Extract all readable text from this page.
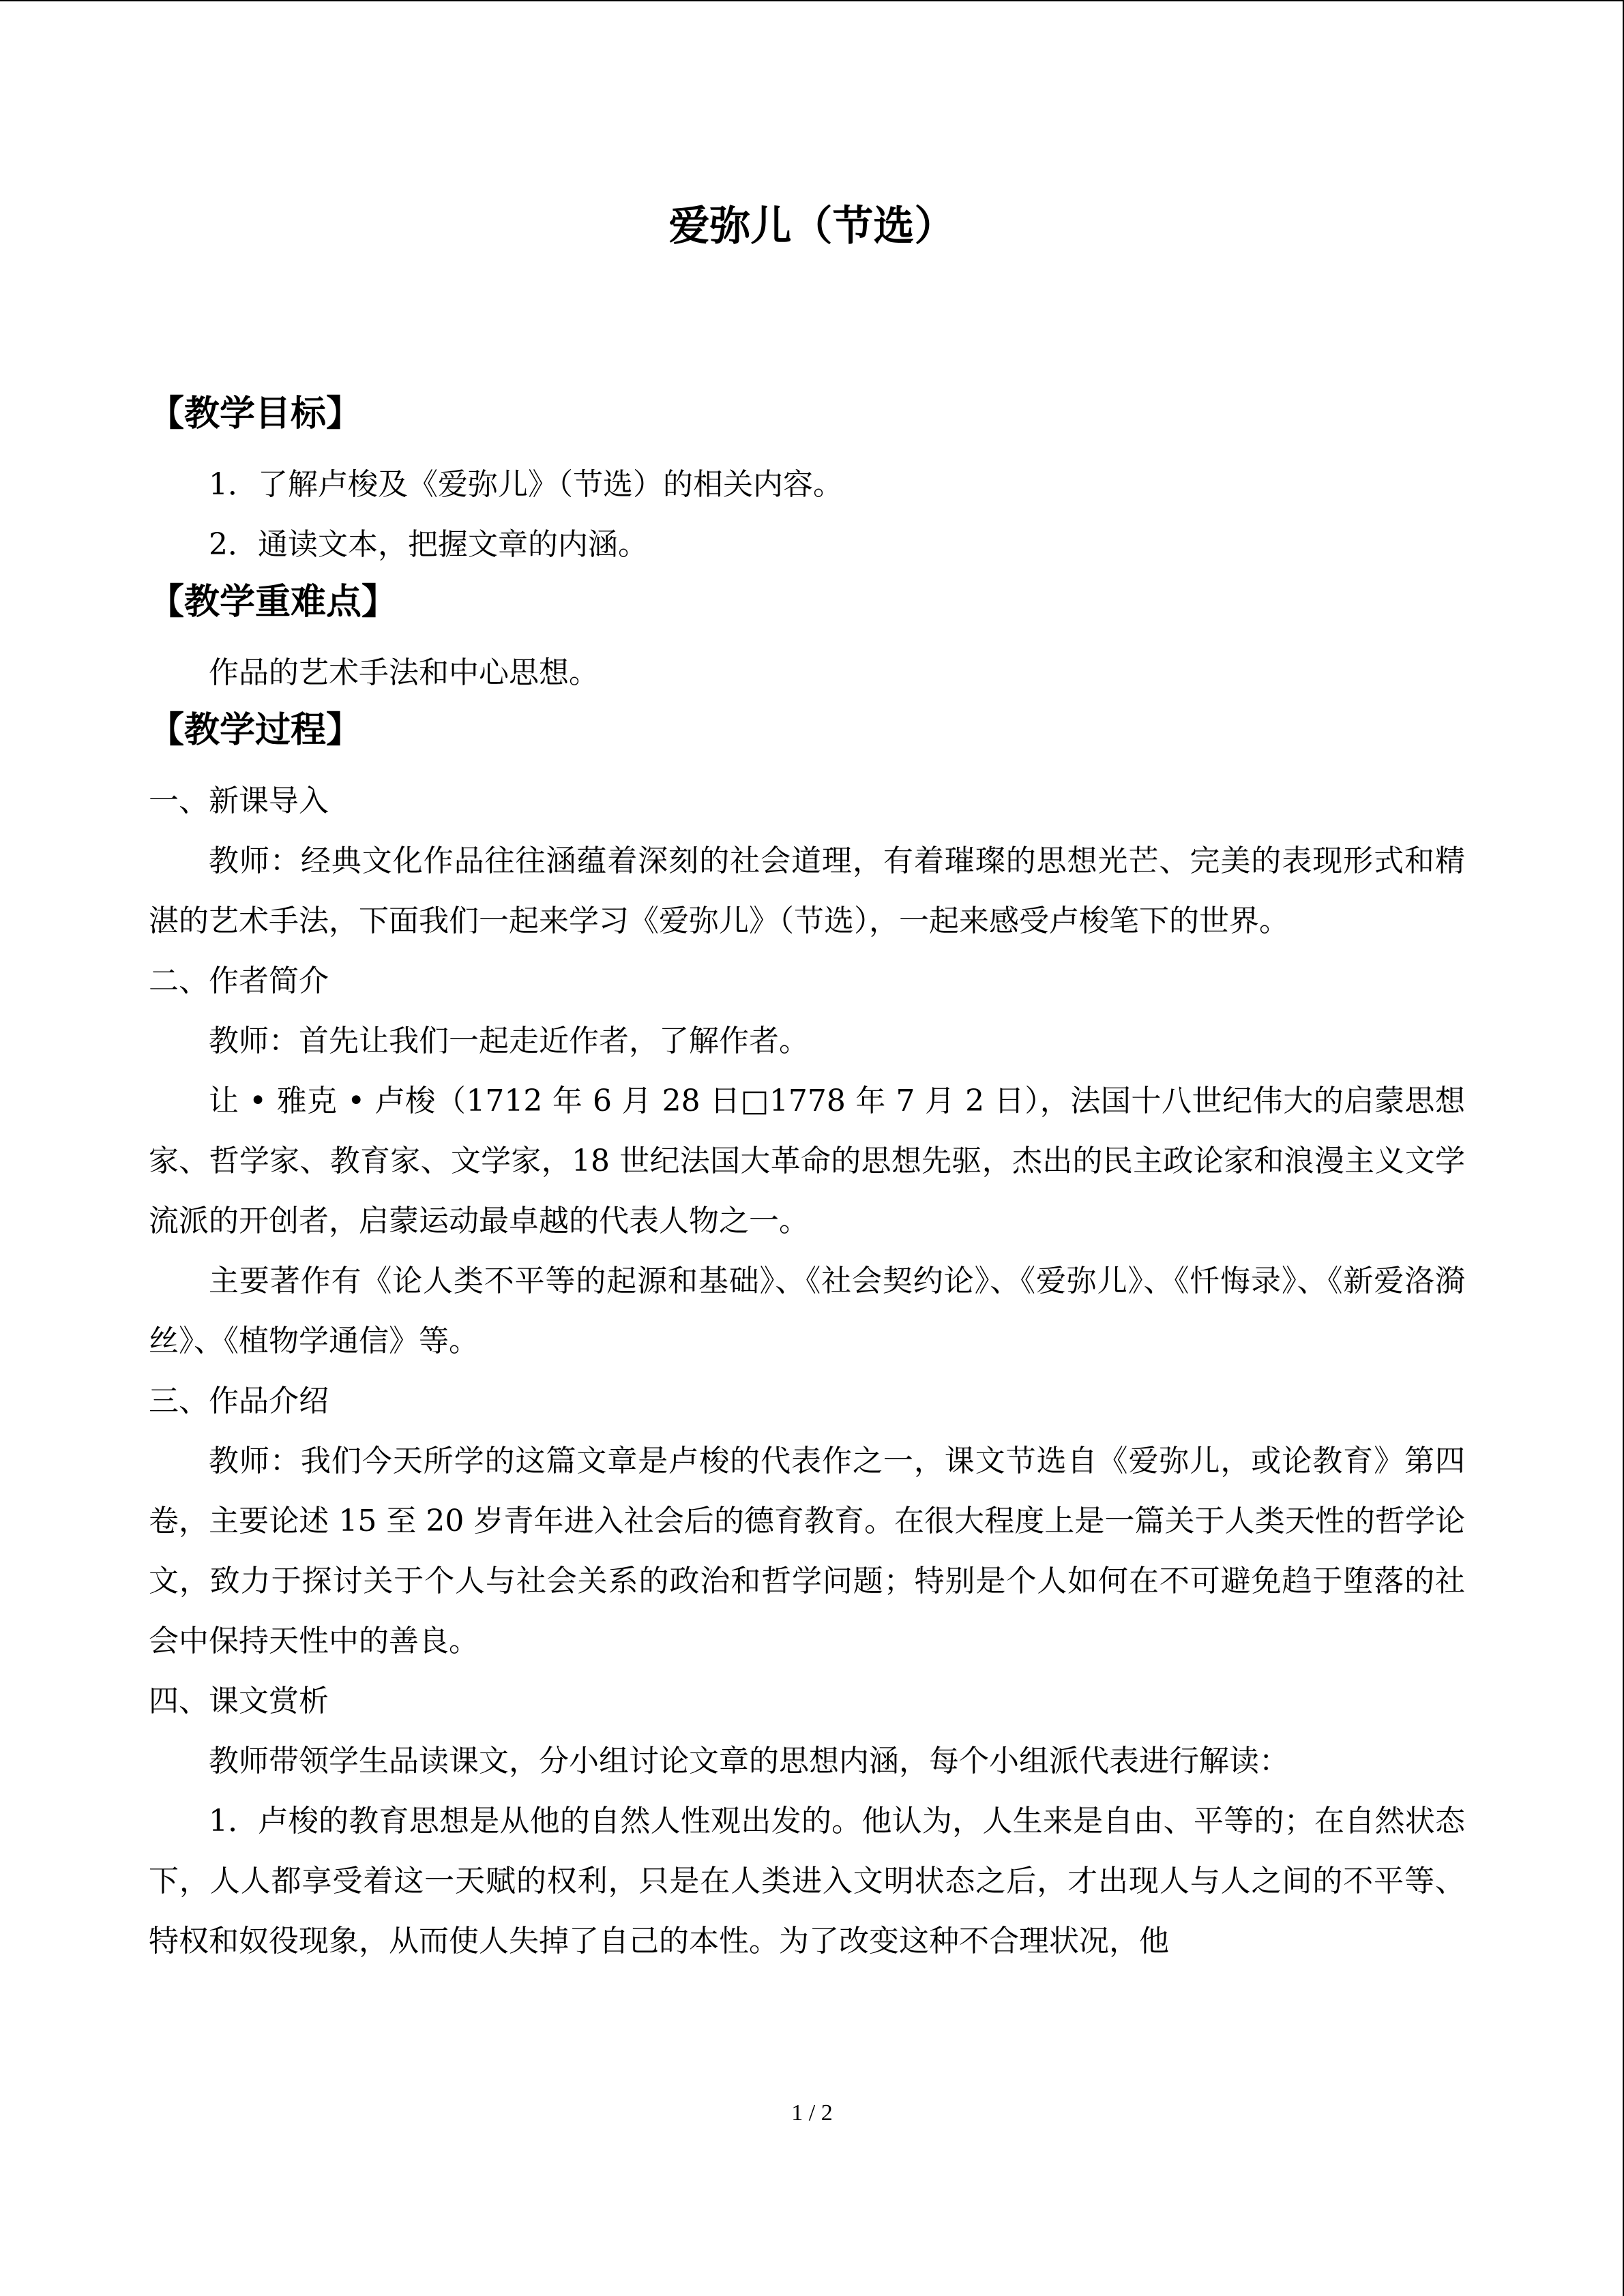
爱弥儿（节选）
【教学目标】

1．了解卢梭及《爱弥儿》（节选）的相关内容。

2．通读文本，把握文章的内涵。

【教学重难点】

作品的艺术手法和中心思想。

【教学过程】

一、新课导入

教师：经典文化作品往往涵蕴着深刻的社会道理，有着璀璨的思想光芒、完美的表现形式和精湛的艺术手法，下面我们一起来学习《爱弥儿》（节选），一起来感受卢梭笔下的世界。

二、作者简介

教师：首先让我们一起走近作者，了解作者。

让 • 雅克 • 卢梭（1712 年 6 月 28 日□1778 年 7 月 2 日），法国十八世纪伟大的启蒙思想家、哲学家、教育家、文学家，18 世纪法国大革命的思想先驱，杰出的民主政论家和浪漫主义文学流派的开创者，启蒙运动最卓越的代表人物之一。

主要著作有《论人类不平等的起源和基础》、《社会契约论》、《爱弥儿》、《忏悔录》、《新爱洛漪丝》、《植物学通信》等。

三、作品介绍

教师：我们今天所学的这篇文章是卢梭的代表作之一，课文节选自《爱弥儿，或论教育》第四卷，主要论述 15 至 20 岁青年进入社会后的德育教育。在很大程度上是一篇关于人类天性的哲学论文，致力于探讨关于个人与社会关系的政治和哲学问题；特别是个人如何在不可避免趋于堕落的社会中保持天性中的善良。

四、课文赏析

教师带领学生品读课文，分小组讨论文章的思想内涵，每个小组派代表进行解读：

1．卢梭的教育思想是从他的自然人性观出发的。他认为，人生来是自由、平等的；在自然状态下，人人都享受着这一天赋的权利，只是在人类进入文明状态之后，才出现人与人之间的不平等、特权和奴役现象，从而使人失掉了自己的本性。为了改变这种不合理状况，他

1 / 2
